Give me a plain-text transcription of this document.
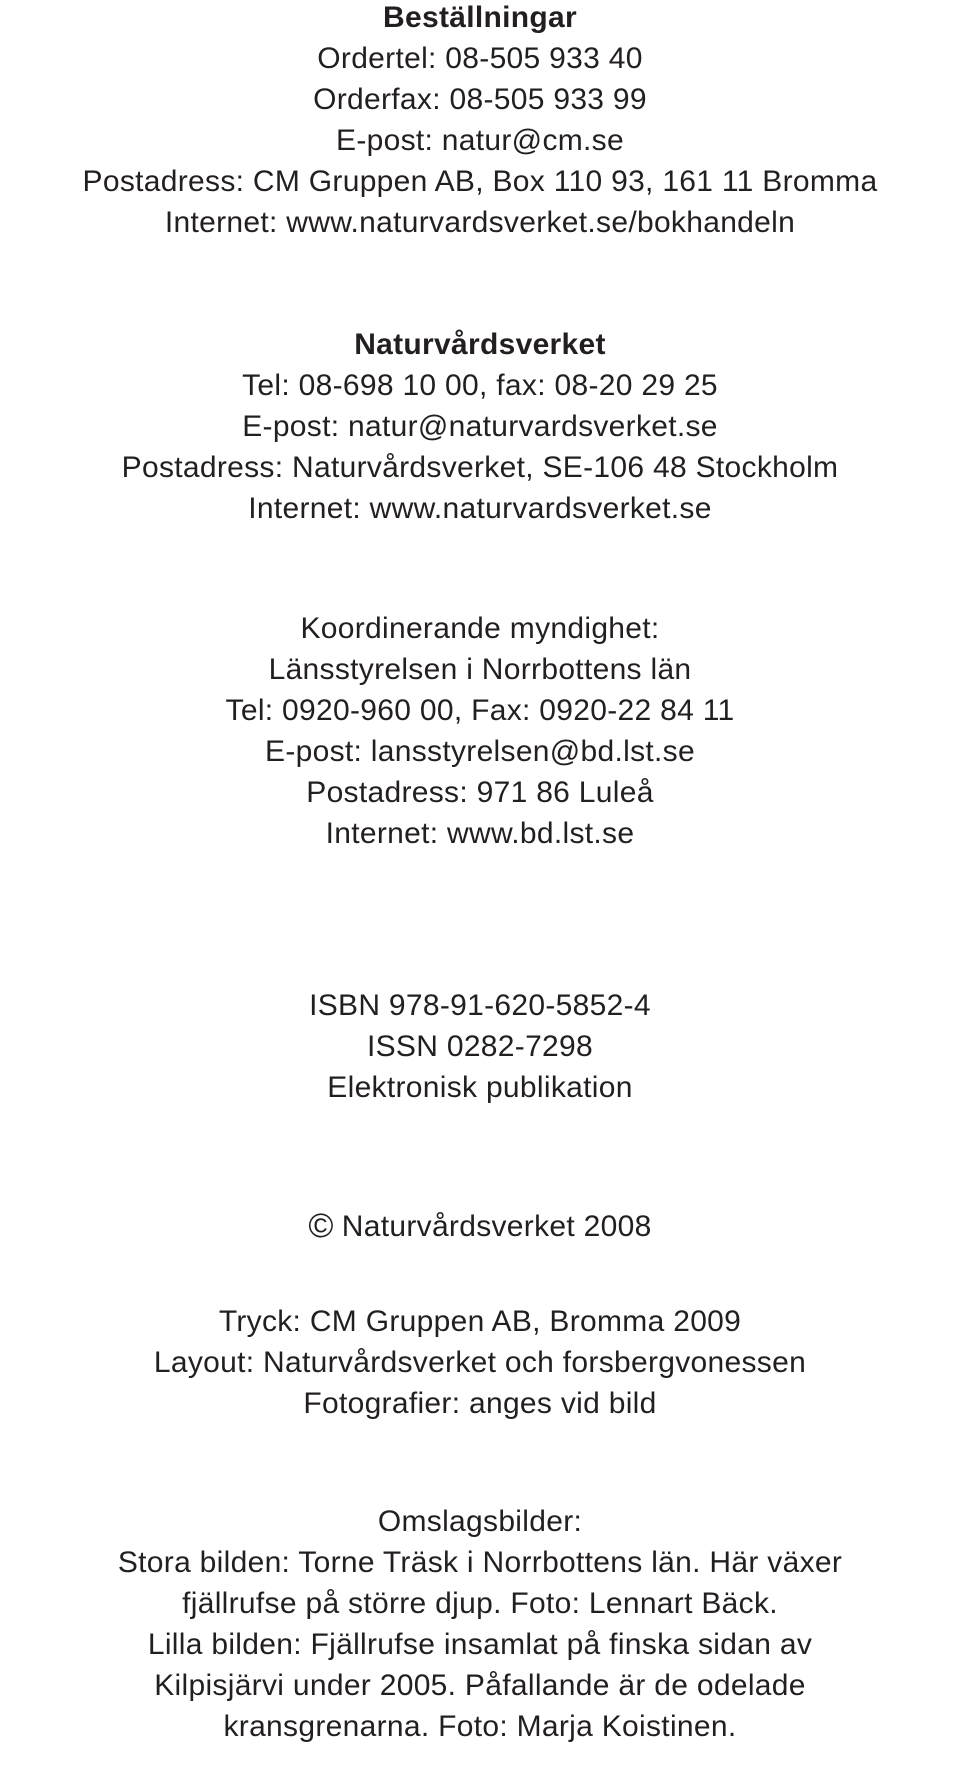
Beställningar
Ordertel: 08-505 933 40
Orderfax: 08-505 933 99
E-post: natur@cm.se
Postadress: CM Gruppen AB, Box 110 93, 161 11 Bromma
Internet: www.naturvardsverket.se/bokhandeln
Naturvårdsverket
Tel: 08-698 10 00, fax: 08-20 29 25
E-post: natur@naturvardsverket.se
Postadress: Naturvårdsverket, SE-106 48 Stockholm
Internet: www.naturvardsverket.se
Koordinerande myndighet:
Länsstyrelsen i Norrbottens län
Tel: 0920-960 00, Fax: 0920-22 84 11
E-post: lansstyrelsen@bd.lst.se
Postadress: 971 86 Luleå
Internet: www.bd.lst.se
ISBN 978-91-620-5852-4
ISSN 0282-7298
Elektronisk publikation
© Naturvårdsverket 2008
Tryck: CM Gruppen AB, Bromma 2009
Layout: Naturvårdsverket och forsbergvonessen
Fotografier: anges vid bild
Omslagsbilder:
Stora bilden: Torne Träsk i Norrbottens län. Här växer
fjällrufse på större djup. Foto: Lennart Bäck.
Lilla bilden: Fjällrufse insamlat på finska sidan av
Kilpisjärvi under 2005. Påfallande är de odelade
kransgrenarna. Foto: Marja Koistinen.
